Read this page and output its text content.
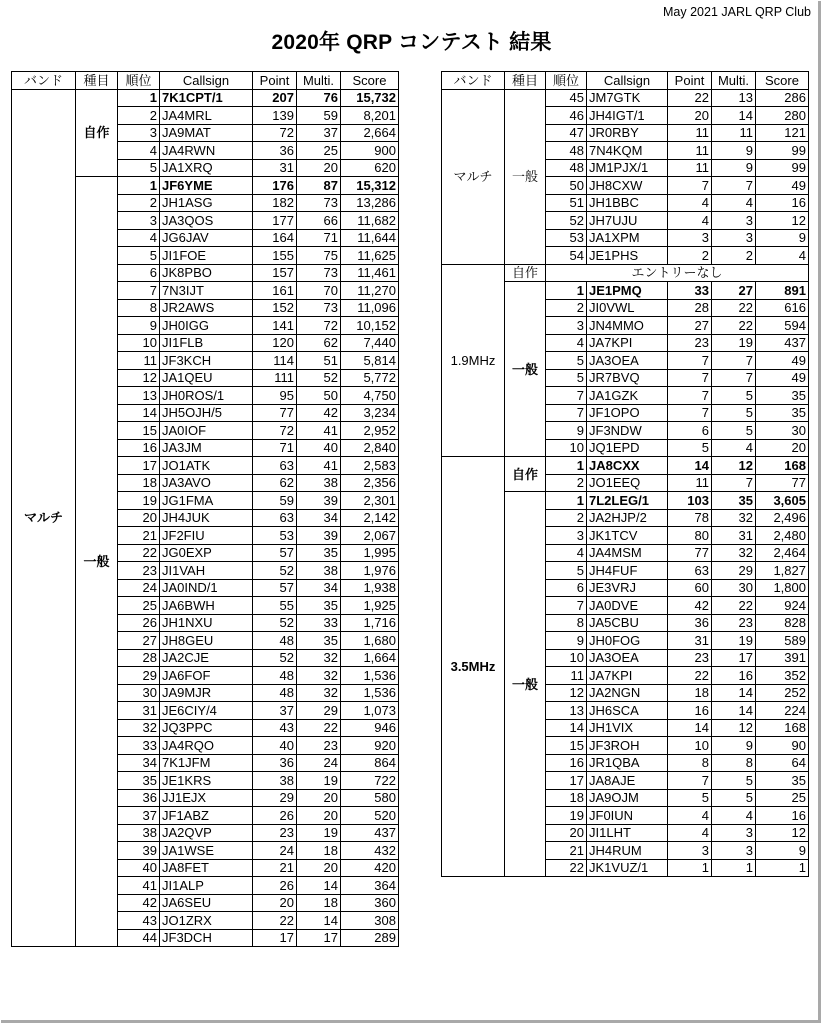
May 2021 JARL QRP Club
2020年 QRP コンテスト 結果
バンド	種目	順位	Callsign	Point	Multi.	Score
マルチ	自作	1	7K1CPT/1	207	76	15,732
		2	JA4MRL	139	59	8,201
		3	JA9MAT	72	37	2,664
		4	JA4RWN	36	25	900
		5	JA1XRQ	31	20	620
	一般	1	JF6YME	176	87	15,312
		2	JH1ASG	182	73	13,286
		3	JA3QOS	177	66	11,682
		4	JG6JAV	164	71	11,644
		5	JI1FOE	155	75	11,625
		6	JK8PBO	157	73	11,461
		7	7N3IJT	161	70	11,270
		8	JR2AWS	152	73	11,096
		9	JH0IGG	141	72	10,152
		10	JI1FLB	120	62	7,440
		11	JF3KCH	114	51	5,814
		12	JA1QEU	111	52	5,772
		13	JH0ROS/1	95	50	4,750
		14	JH5OJH/5	77	42	3,234
		15	JA0IOF	72	41	2,952
		16	JA3JM	71	40	2,840
		17	JO1ATK	63	41	2,583
		18	JA3AVO	62	38	2,356
		19	JG1FMA	59	39	2,301
		20	JH4JUK	63	34	2,142
		21	JF2FIU	53	39	2,067
		22	JG0EXP	57	35	1,995
		23	JI1VAH	52	38	1,976
		24	JA0IND/1	57	34	1,938
		25	JA6BWH	55	35	1,925
		26	JH1NXU	52	33	1,716
		27	JH8GEU	48	35	1,680
		28	JA2CJE	52	32	1,664
		29	JA6FOF	48	32	1,536
		30	JA9MJR	48	32	1,536
		31	JE6CIY/4	37	29	1,073
		32	JQ3PPC	43	22	946
		33	JA4RQO	40	23	920
		34	7K1JFM	36	24	864
		35	JE1KRS	38	19	722
		36	JJ1EJX	29	20	580
		37	JF1ABZ	26	20	520
		38	JA2QVP	23	19	437
		39	JA1WSE	24	18	432
		40	JA8FET	21	20	420
		41	JI1ALP	26	14	364
		42	JA6SEU	20	18	360
		43	JO1ZRX	22	14	308
		44	JF3DCH	17	17	289
バンド	種目	順位	Callsign	Point	Multi.	Score
マルチ	一般	45	JM7GTK	22	13	286
		46	JH4IGT/1	20	14	280
		47	JR0RBY	11	11	121
		48	7N4KQM	11	9	99
		48	JM1PJX/1	11	9	99
		50	JH8CXW	7	7	49
		51	JH1BBC	4	4	16
		52	JH7UJU	4	3	12
		53	JA1XPM	3	3	9
		54	JE1PHS	2	2	4
1.9MHz	自作	エントリーなし				
	一般	1	JE1PMQ	33	27	891
		2	JI0VWL	28	22	616
		3	JN4MMO	27	22	594
		4	JA7KPI	23	19	437
		5	JA3OEA	7	7	49
		5	JR7BVQ	7	7	49
		7	JA1GZK	7	5	35
		7	JF1OPO	7	5	35
		9	JF3NDW	6	5	30
		10	JQ1EPD	5	4	20
3.5MHz	自作	1	JA8CXX	14	12	168
		2	JO1EEQ	11	7	77
	一般	1	7L2LEG/1	103	35	3,605
		2	JA2HJP/2	78	32	2,496
		3	JK1TCV	80	31	2,480
		4	JA4MSM	77	32	2,464
		5	JH4FUF	63	29	1,827
		6	JE3VRJ	60	30	1,800
		7	JA0DVE	42	22	924
		8	JA5CBU	36	23	828
		9	JH0FOG	31	19	589
		10	JA3OEA	23	17	391
		11	JA7KPI	22	16	352
		12	JA2NGN	18	14	252
		13	JH6SCA	16	14	224
		14	JH1VIX	14	12	168
		15	JF3ROH	10	9	90
		16	JR1QBA	8	8	64
		17	JA8AJE	7	5	35
		18	JA9OJM	5	5	25
		19	JF0IUN	4	4	16
		20	JI1LHT	4	3	12
		21	JH4RUM	3	3	9
		22	JK1VUZ/1	1	1	1
